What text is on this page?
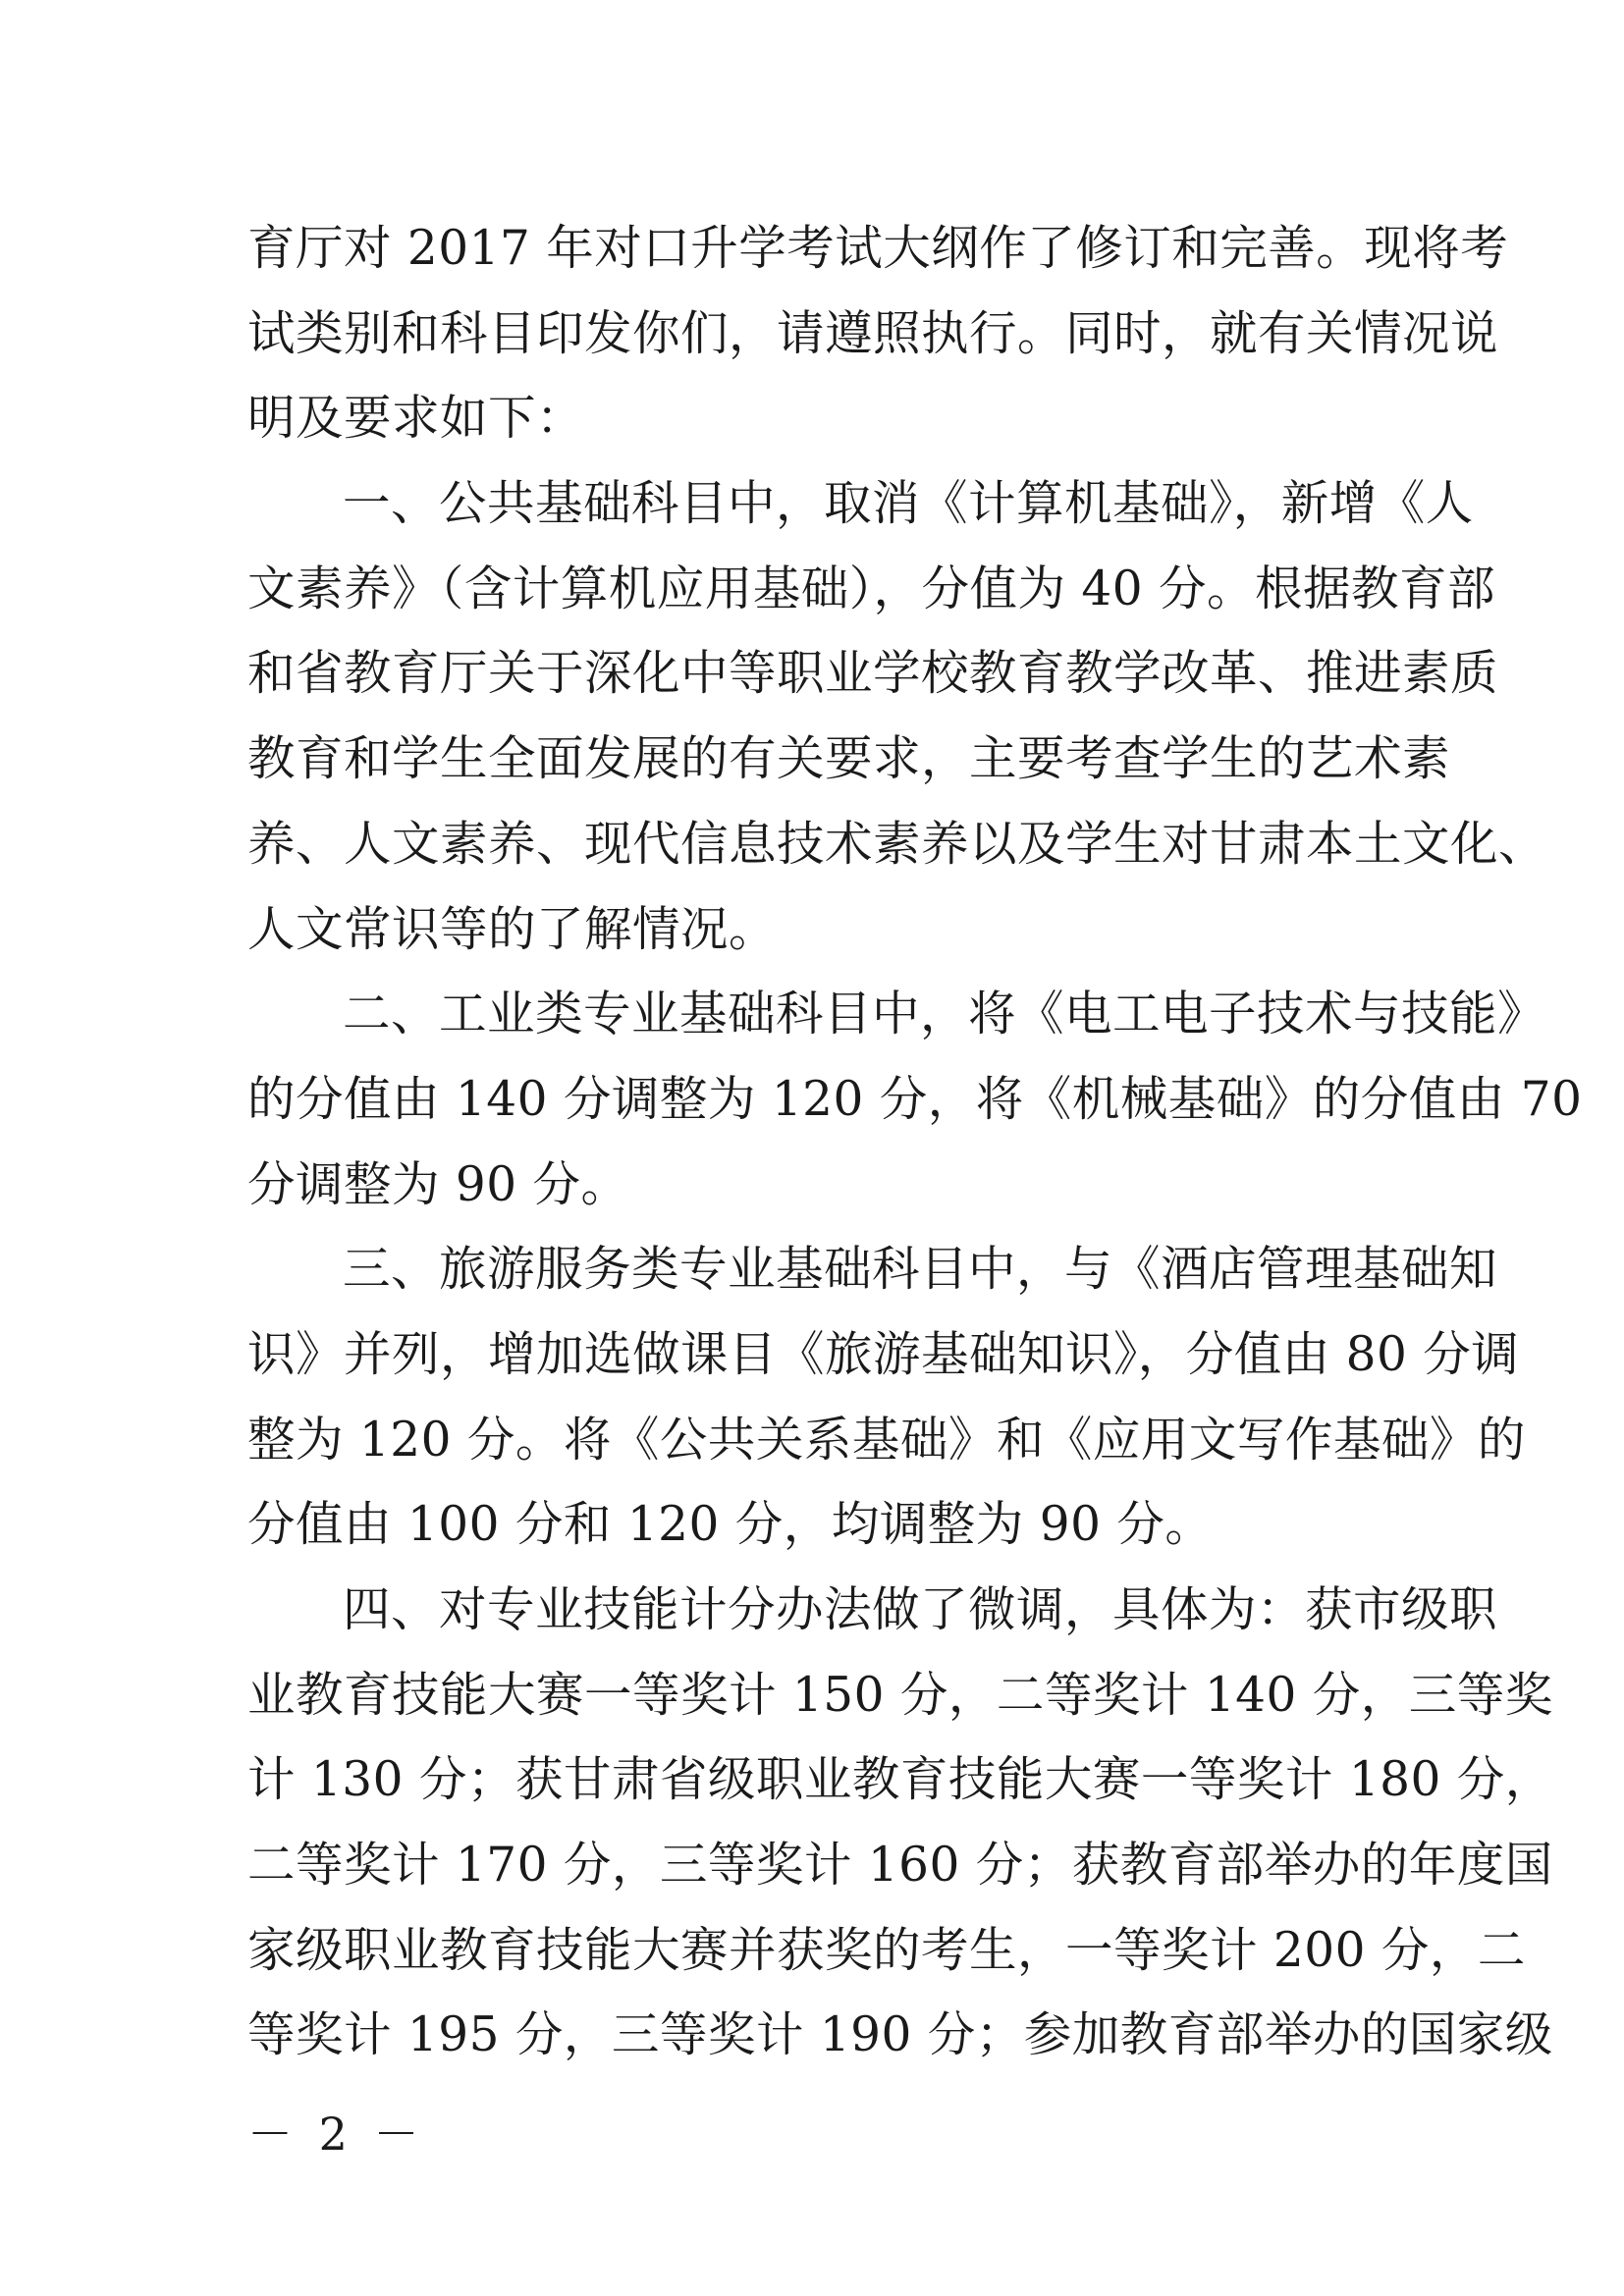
育厅对 2017 年对口升学考试大纲作了修订和完善。现将考
试类别和科目印发你们，请遵照执行。同时，就有关情况说
明及要求如下：
一、公共基础科目中，取消《计算机基础》，新增《人
文素养》（含计算机应用基础），分值为 40 分。根据教育部
和省教育厅关于深化中等职业学校教育教学改革、推进素质
教育和学生全面发展的有关要求，主要考查学生的艺术素
养、人文素养、现代信息技术素养以及学生对甘肃本土文化、
人文常识等的了解情况。
二、工业类专业基础科目中，将《电工电子技术与技能》
的分值由 140 分调整为 120 分，将《机械基础》的分值由 70
分调整为 90 分。
三、旅游服务类专业基础科目中，与《酒店管理基础知
识》并列，增加选做课目《旅游基础知识》，分值由 80 分调
整为 120 分。将《公共关系基础》和《应用文写作基础》的
分值由 100 分和 120 分，均调整为 90 分。
四、对专业技能计分办法做了微调，具体为：获市级职
业教育技能大赛一等奖计 150 分，二等奖计 140 分，三等奖
计 130 分；获甘肃省级职业教育技能大赛一等奖计 180 分，
二等奖计 170 分，三等奖计 160 分；获教育部举办的年度国
家级职业教育技能大赛并获奖的考生，一等奖计 200 分，二
等奖计 195 分，三等奖计 190 分；参加教育部举办的国家级
－ 2 －
